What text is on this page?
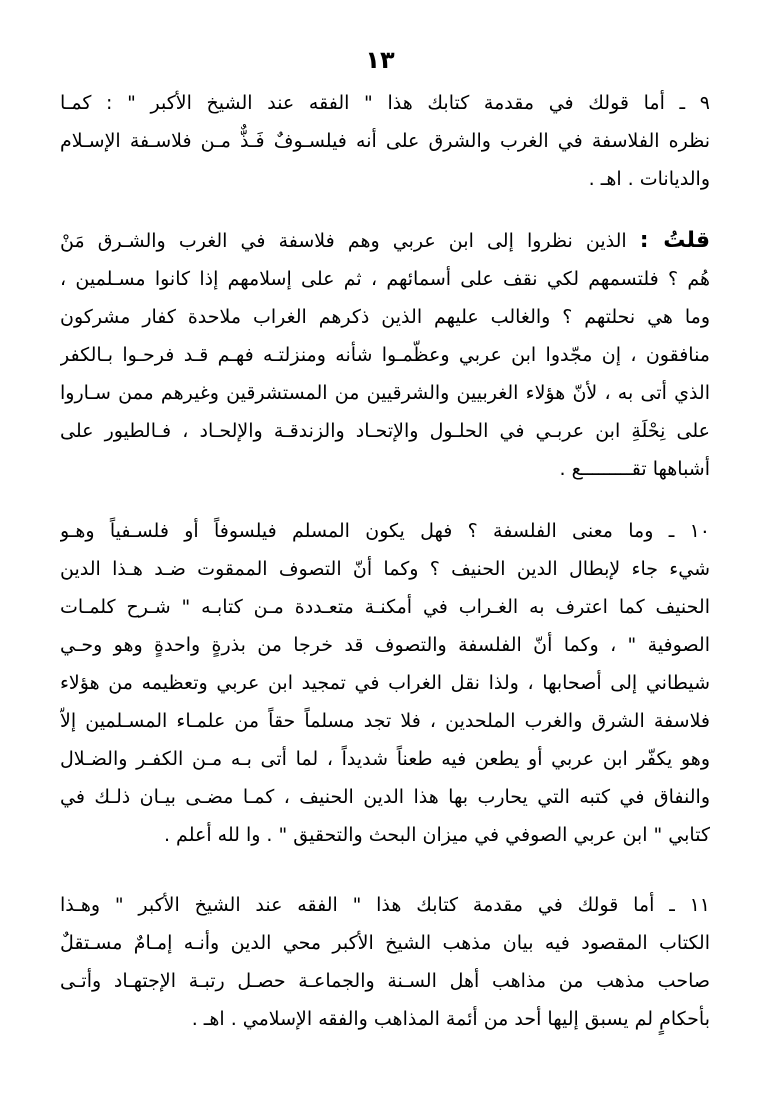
١٣
٩ ـ أما قولك في مقدمة كتابك هذا " الفقه عند الشيخ الأكبر " : كمـا
نظره الفلاسفة في الغرب والشرق على أنه فيلسـوفٌ فَـذٌّ مـن فلاسـفة الإسـلام
والديانات . اهـ .
قلتُ : الذين نظروا إلى ابن عربي وهم فلاسفة في الغرب والشـرق مَنْ
هُم ؟ فلتسمهم لكي نقف على أسمائهم ، ثم على إسلامهم إذا كانوا مسـلمين ،
وما هي نحلتهم ؟ والغالب عليهم الذين ذكرهم الغراب ملاحدة كفار مشركون
منافقون ، إن مجّدوا ابن عربي وعظّمـوا شأنه ومنزلتـه فهـم قـد فرحـوا بـالكفر
الذي أتى به ، لأنّ هؤلاء الغربيين والشرقيين من المستشرقين وغيرهم ممن سـاروا
على نِحْلَةِ ابن عربـي في الحلـول والإتحـاد والزندقـة والإلحـاد ، فـالطيور على
أشباهها تقـــــــــع .
١٠ ـ وما معنى الفلسفة ؟ فهل يكون المسلم فيلسوفاً أو فلسـفياً وهـو
شيء جاء لإبطال الدين الحنيف ؟ وكما أنّ التصوف الممقوت ضـد هـذا الدين
الحنيف كما اعترف به الغـراب في أمكنـة متعـددة مـن كتابـه " شـرح كلمـات
الصوفية " ، وكما أنّ الفلسفة والتصوف قد خرجا من بذرةٍ واحدةٍ وهو وحـي
شيطاني إلى أصحابها ، ولذا نقل الغراب في تمجيد ابن عربي وتعظيمه من هؤلاء
فلاسفة الشرق والغرب الملحدين ، فلا تجد مسلماً حقاً من علمـاء المسـلمين إلاّ
وهو يكفّر ابن عربي أو يطعن فيه طعناً شديداً ، لما أتى بـه مـن الكفـر والضـلال
والنفاق في كتبه التي يحارب بها هذا الدين الحنيف ، كمـا مضـى بيـان ذلـك في
كتابي " ابن عربي الصوفي في ميزان البحث والتحقيق " . وا لله أعلم .
١١ ـ أما قولك في مقدمة كتابك هذا " الفقه عند الشيخ الأكبر " وهـذا
الكتاب المقصود فيه بيان مذهب الشيخ الأكبر محي الدين وأنـه إمـامٌ مسـتقلٌ
صاحب مذهب من مذاهب أهل السـنة والجماعـة حصـل رتبـة الإجتهـاد وأتـى
بأحكامٍ لم يسبق إليها أحد من أئمة المذاهب والفقه الإسلامي . اهـ .
